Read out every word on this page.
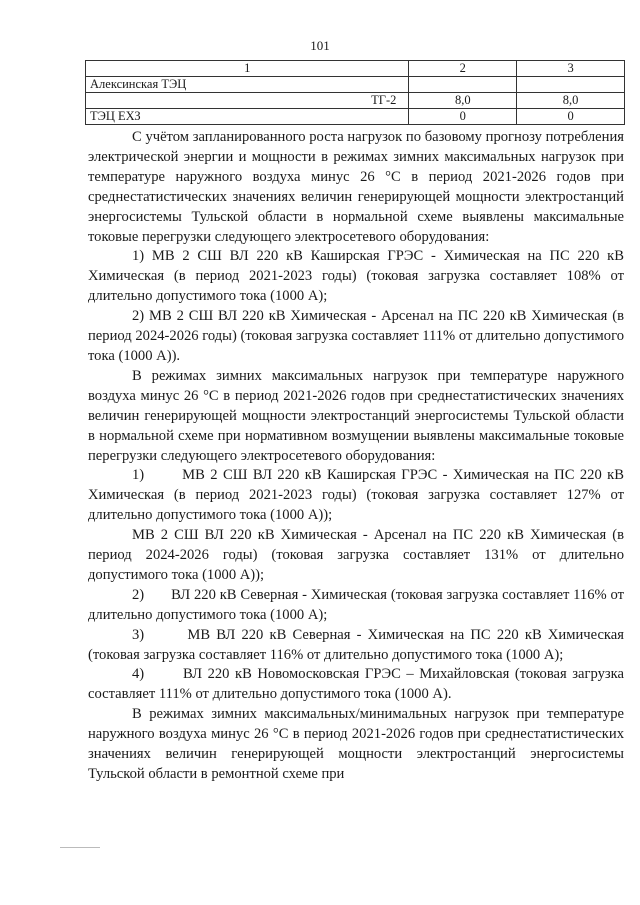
101
1	2	3
Алексинская ТЭЦ		
ТГ-2	8,0	8,0
ТЭЦ ЕХЗ	0	0

С учётом запланированного роста нагрузок по базовому прогнозу потребления электрической энергии и мощности в режимах зимних максимальных нагрузок при температуре наружного воздуха минус 26 °С в период 2021-2026 годов при среднестатистических значениях величин генерирующей мощности электростанций энергосистемы Тульской области в нормальной схеме выявлены максимальные токовые перегрузки следующего электросетевого оборудования:

1) МВ 2 СШ ВЛ 220 кВ Каширская ГРЭС - Химическая на ПС 220 кВ Химическая (в период 2021-2023 годы) (токовая загрузка составляет 108% от длительно допустимого тока (1000 А);

2) МВ 2 СШ ВЛ 220 кВ Химическая - Арсенал на ПС 220 кВ Химическая (в период 2024-2026 годы) (токовая загрузка составляет 111% от длительно допустимого тока (1000 А)).

В режимах зимних максимальных нагрузок при температуре наружного воздуха минус 26 °С в период 2021-2026 годов при среднестатистических значениях величин генерирующей мощности электростанций энергосистемы Тульской области в нормальной схеме при нормативном возмущении выявлены максимальные токовые перегрузки следующего электросетевого оборудования:

1)	МВ 2 СШ ВЛ 220 кВ Каширская ГРЭС - Химическая на ПС 220 кВ Химическая (в период 2021-2023 годы) (токовая загрузка составляет 127% от длительно допустимого тока (1000 А));

МВ 2 СШ ВЛ 220 кВ Химическая - Арсенал на ПС 220 кВ Химическая (в период 2024-2026 годы) (токовая загрузка составляет 131% от длительно допустимого тока (1000 А));

2) ВЛ 220 кВ Северная - Химическая (токовая загрузка составляет 116% от длительно допустимого тока (1000 А);

3)	МВ ВЛ 220 кВ Северная - Химическая на ПС 220 кВ Химическая (токовая загрузка составляет 116% от длительно допустимого тока (1000 А);

4)	ВЛ 220 кВ Новомосковская ГРЭС – Михайловская (токовая загрузка составляет 111% от длительно допустимого тока (1000 А).

В режимах зимних максимальных/минимальных нагрузок при температуре наружного воздуха минус 26 °С в период 2021-2026 годов при среднестатистических значениях величин генерирующей мощности электростанций энергосистемы Тульской области в ремонтной схеме при
